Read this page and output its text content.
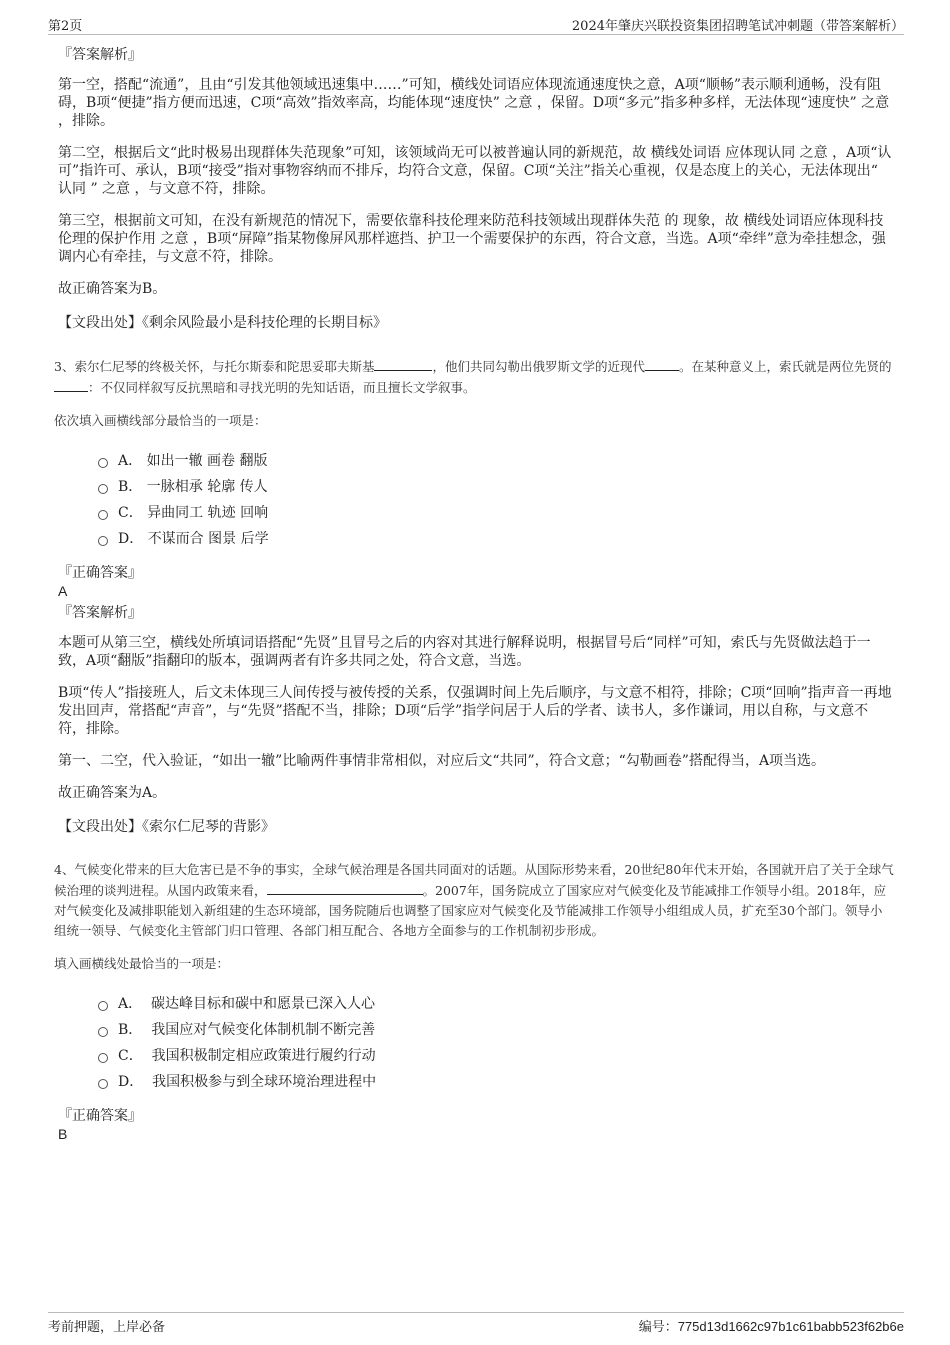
第2页	2024年肇庆兴联投资集团招聘笔试冲刺题（带答案解析）

『答案解析』

第一空，搭配“流通”，且由“引发其他领域迅速集中……”可知，横线处词语应体现流通速度快之意，A项“顺畅”表示顺利通畅，没有阻碍，B项“便捷”指方便而迅速，C项“高效”指效率高，均能体现“速度快” 之意 ，保留。D项“多元”指多种多样，无法体现“速度快” 之意 ，排除。

第二空，根据后文“此时极易出现群体失范现象”可知，该领域尚无可以被普遍认同的新规范，故 横线处词语 应体现认同 之意 ，A项“认可”指许可、承认，B项“接受”指对事物容纳而不排斥，均符合文意，保留。C项“关注”指关心重视，仅是态度上的关心，无法体现出“ 认同 ” 之意 ，与文意不符，排除。

第三空，根据前文可知，在没有新规范的情况下，需要依靠科技伦理来防范科技领域出现群体失范 的 现象，故 横线处词语应体现科技伦理的保护作用 之意 ，B项“屏障”指某物像屏风那样遮挡、护卫一个需要保护的东西，符合文意，当选。A项“牵绊”意为牵挂想念，强调内心有牵挂，与文意不符，排除。

故正确答案为B。

【文段出处】《剩余风险最小是科技伦理的长期目标》

3、索尔仁尼琴的终极关怀，与托尔斯泰和陀思妥耶夫斯基	，他们共同勾勒出俄罗斯文学的近现代	。在某种意义上，索氏就是两位先贤的：不仅同样叙写反抗黑暗和寻找光明的先知话语，而且擅长文学叙事。

依次填入画横线部分最恰当的一项是：

A．
如出一辙 画卷 翻版
B．
一脉相承 轮廓 传人
C．
异曲同工 轨迹 回响
D．
不谋而合 图景 后学

『正确答案』

A

『答案解析』

本题可从第三空，横线处所填词语搭配“先贤”且冒号之后的内容对其进行解释说明，根据冒号后“同样”可知，索氏与先贤做法趋于一致，A项“翻版”指翻印的版本，强调两者有许多共同之处，符合文意，当选。

B项“传人”指接班人，后文未体现三人间传授与被传授的关系，仅强调时间上先后顺序，与文意不相符，排除；C项“回响”指声音一再地发出回声，常搭配“声音”，与“先贤”搭配不当，排除；D项“后学”指学问居于人后的学者、读书人，多作谦词，用以自称，与文意不符，排除。

第一、二空，代入验证，“如出一辙”比喻两件事情非常相似，对应后文“共同”，符合文意；“勾勒画卷”搭配得当，A项当选。

故正确答案为A。

【文段出处】《索尔仁尼琴的背影》

4、气候变化带来的巨大危害已是不争的事实，全球气候治理是各国共同面对的话题。从国际形势来看，20世纪80年代末开始，各国就开启了关于全球气候治理的谈判进程。从国内政策来看，	。2007年，国务院成立了国家应对气候变化及节能减排工作领导小组。2018年，应对气候变化及减排职能划入新组建的生态环境部，国务院随后也调整了国家应对气候变化及节能减排工作领导小组组成人员，扩充至30个部门。领导小组统一领导、气候变化主管部门归口管理、各部门相互配合、各地方全面参与的工作机制初步形成。

填入画横线处最恰当的一项是：

A．
碳达峰目标和碳中和愿景已深入人心
B．
我国应对气候变化体制机制不断完善
C．
我国积极制定相应政策进行履约行动
D．
我国积极参与到全球环境治理进程中

『正确答案』

B

考前押题，上岸必备	编号：775d13d1662c97b1c61babb523f62b6e
